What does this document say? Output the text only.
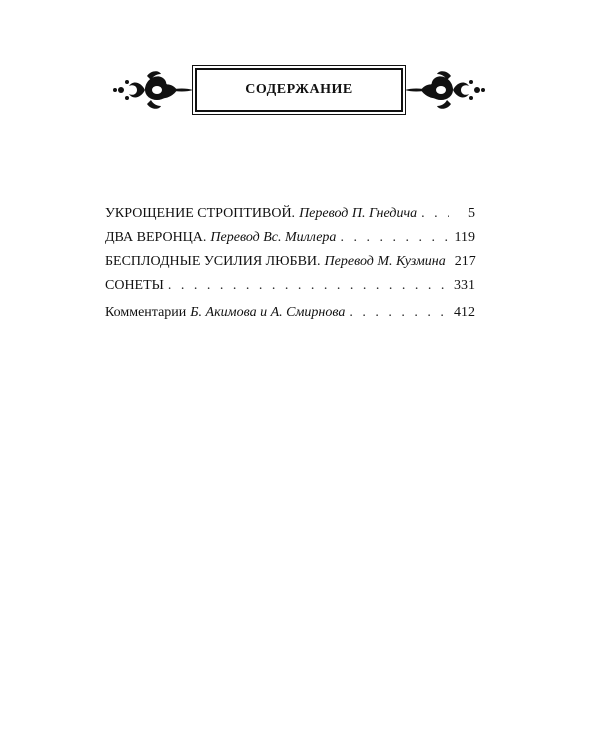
СОДЕРЖАНИЕ
УКРОЩЕНИЕ СТРОПТИВОЙ. Перевод П. Гнедича . . .	5
ДВА ВЕРОНЦА. Перевод Вс. Миллера . . .	119
БЕСПЛОДНЫЕ УСИЛИЯ ЛЮБВИ. Перевод М. Кузмина 217
СОНЕТЫ . . .	331
Комментарии Б. Акимова и А. Смирнова . . .	412
